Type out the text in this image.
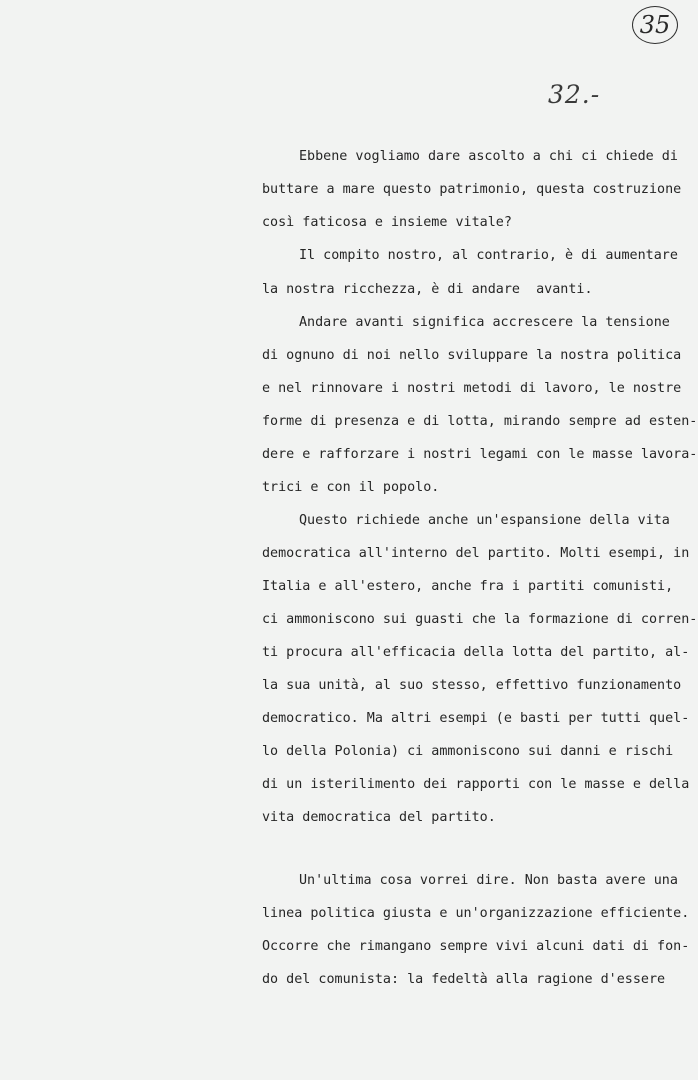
35
32.-
Ebbene vogliamo dare ascolto a chi ci chiede di
buttare a mare questo patrimonio, questa costruzione
così faticosa e insieme vitale?
Il compito nostro, al contrario, è di aumentare
la nostra ricchezza, è di andare  avanti.
Andare avanti significa accrescere la tensione
di ognuno di noi nello sviluppare la nostra politica
e nel rinnovare i nostri metodi di lavoro, le nostre
forme di presenza e di lotta, mirando sempre ad esten-
dere e rafforzare i nostri legami con le masse lavora-
trici e con il popolo.
Questo richiede anche un'espansione della vita
democratica all'interno del partito. Molti esempi, in
Italia e all'estero, anche fra i partiti comunisti,
ci ammoniscono sui guasti che la formazione di corren-
ti procura all'efficacia della lotta del partito, al-
la sua unità, al suo stesso, effettivo funzionamento
democratico. Ma altri esempi (e basti per tutti quel-
lo della Polonia) ci ammoniscono sui danni e rischi
di un isterilimento dei rapporti con le masse e della
vita democratica del partito.
Un'ultima cosa vorrei dire. Non basta avere una
linea politica giusta e un'organizzazione efficiente.
Occorre che rimangano sempre vivi alcuni dati di fon-
do del comunista: la fedeltà alla ragione d'essere
